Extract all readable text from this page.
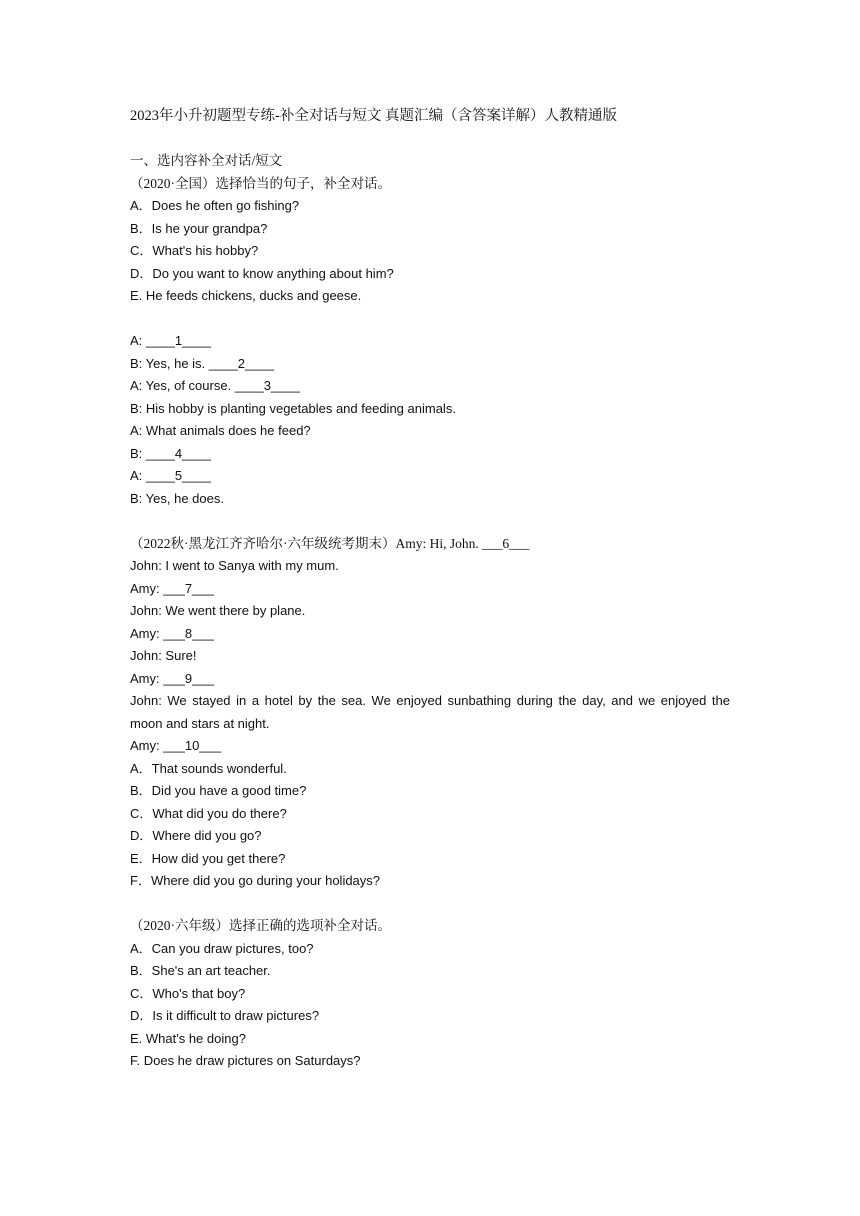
2023年小升初题型专练-补全对话与短文 真题汇编（含答案详解）人教精通版
一、选内容补全对话/短文
（2020·全国）选择恰当的句子，补全对话。
A．Does he often go fishing?
B．Is he your grandpa?
C．What's his hobby?
D．Do you want to know anything about him?
E. He feeds chickens, ducks and geese.
A: ____1____
B: Yes, he is. ____2____
A: Yes, of course. ____3____
B: His hobby is planting vegetables and feeding animals.
A: What animals does he feed?
B: ____4____
A: ____5____
B: Yes, he does.
（2022秋·黑龙江齐齐哈尔·六年级统考期末）Amy: Hi, John. ___6___
John: I went to Sanya with my mum.
Amy: ___7___
John: We went there by plane.
Amy: ___8___
John: Sure!
Amy: ___9___
John: We stayed in a hotel by the sea. We enjoyed sunbathing during the day, and we enjoyed the moon and stars at night.
Amy: ___10___
A．That sounds wonderful.
B．Did you have a good time?
C．What did you do there?
D．Where did you go?
E．How did you get there?
F．Where did you go during your holidays?
（2020·六年级）选择正确的选项补全对话。
A．Can you draw pictures, too?
B．She's an art teacher.
C．Who's that boy?
D．Is it difficult to draw pictures?
E. What's he doing?
F. Does he draw pictures on Saturdays?
